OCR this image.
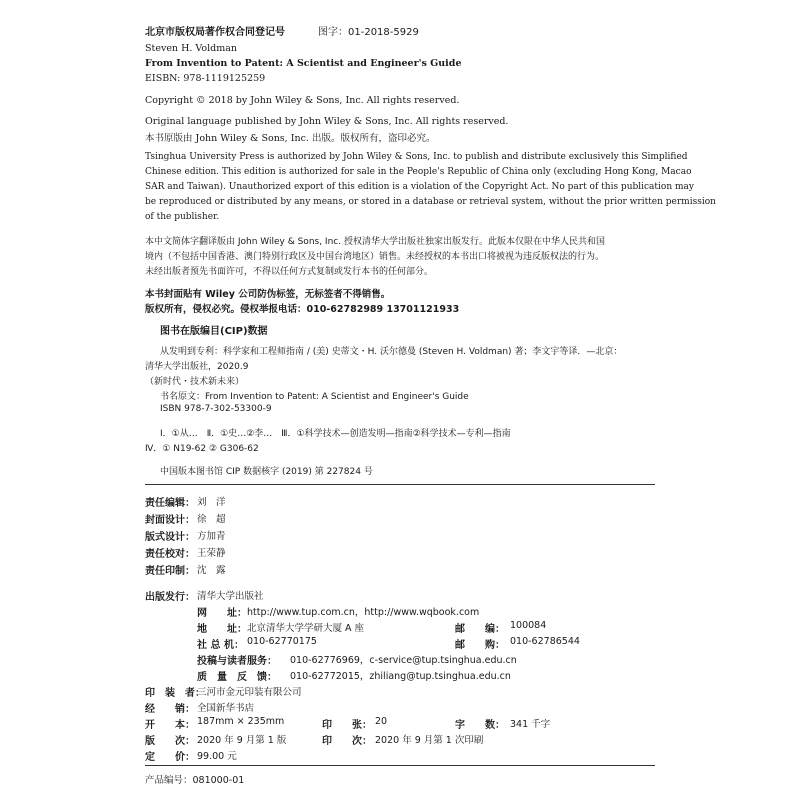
北京市版权局著作权合同登记号	图字：01-2018-5929
Steven H. Voldman
From Invention to Patent: A Scientist and Engineer's Guide
EISBN: 978-1119125259
Copyright © 2018 by John Wiley & Sons, Inc. All rights reserved.
Original language published by John Wiley & Sons, Inc. All rights reserved.
本书原版由 John Wiley & Sons, Inc. 出版。版权所有，盗印必究。
Tsinghua University Press is authorized by John Wiley & Sons, Inc. to publish and distribute exclusively this Simplified
Chinese edition. This edition is authorized for sale in the People's Republic of China only (excluding Hong Kong, Macao
SAR and Taiwan). Unauthorized export of this edition is a violation of the Copyright Act. No part of this publication may
be reproduced or distributed by any means, or stored in a database or retrieval system, without the prior written permission
of the publisher.
本中文简体字翻译版由 John Wiley & Sons, Inc. 授权清华大学出版社独家出版发行。此版本仅限在中华人民共和国
境内（不包括中国香港、澳门特别行政区及中国台湾地区）销售。未经授权的本书出口将被视为违反版权法的行为。
未经出版者预先书面许可，不得以任何方式复制或发行本书的任何部分。
本书封面贴有 Wiley 公司防伪标签，无标签者不得销售。
版权所有，侵权必究。侵权举报电话：010-62782989 13701121933
图书在版编目(CIP)数据
从发明到专利：科学家和工程师指南 / (美) 史蒂文・H. 沃尔德曼 (Steven H. Voldman) 著；李文宇等译．—北京：
清华大学出版社，2020.9
（新时代・技术新未来）
书名原文：From Invention to Patent: A Scientist and Engineer's Guide
ISBN 978-7-302-53300-9
Ⅰ．①从…　Ⅱ．①史…②李…　Ⅲ．①科学技术—创造发明—指南②科学技术—专利—指南
Ⅳ．① N19-62 ② G306-62
中国版本图书馆 CIP 数据核字 (2019) 第 227824 号
责任编辑： 刘　洋
封面设计： 徐　超
版式设计： 方加青
责任校对： 王荣静
责任印制： 沈　露
出版发行： 清华大学出版社
网　　址： http://www.tup.com.cn，http://www.wqbook.com
地　　址： 北京清华大学学研大厦 A 座	邮　　编： 100084
社 总 机： 010-62770175	邮　　购： 010-62786544
投稿与读者服务： 010-62776969，c-service@tup.tsinghua.edu.cn
质　量　反　馈： 010-62772015，zhiliang@tup.tsinghua.edu.cn
印　装　者：
三河市金元印装有限公司
经　　销： 全国新华书店
开　　本： 187mm × 235mm	印　　张： 20	字　　数： 341 千字
版　　次： 2020 年 9 月第 1 版	印　　次： 2020 年 9 月第 1 次印刷
定　　价： 99.00 元
产品编号：081000-01
